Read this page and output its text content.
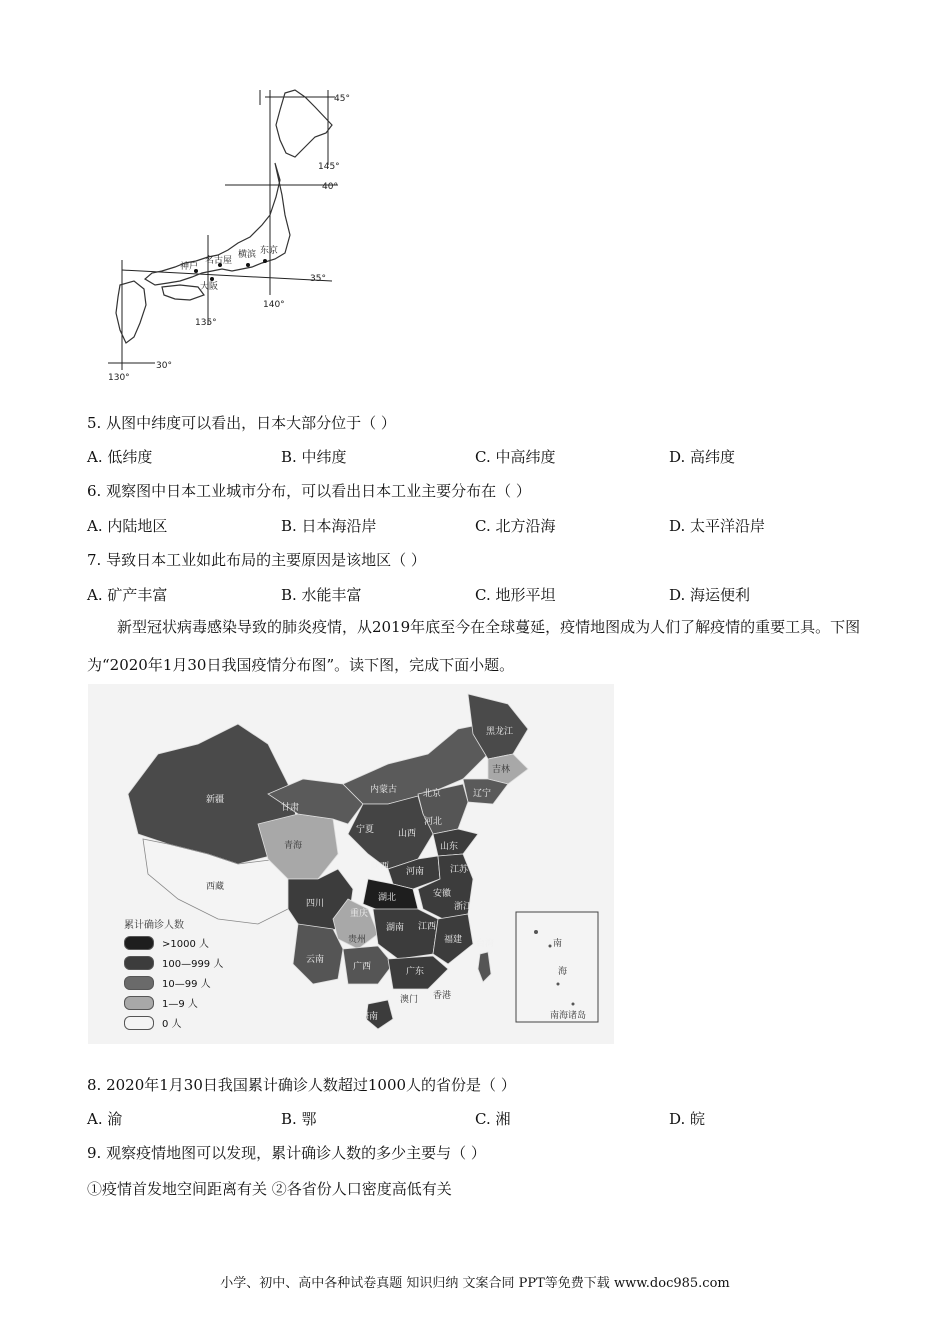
45°
145°
40°
35°
140°
135°
30°
130°
名古屋
横滨 东京
神户
大阪
5. 从图中纬度可以看出，日本大部分位于（ ）
A. 低纬度	B. 中纬度	C. 中高纬度	D. 高纬度
6. 观察图中日本工业城市分布，可以看出日本工业主要分布在（ ）
A. 内陆地区	B. 日本海沿岸	C. 北方沿海	D. 太平洋沿岸
7. 导致日本工业如此布局的主要原因是该地区（ ）
A. 矿产丰富	B. 水能丰富	C. 地形平坦	D. 海运便利
新型冠状病毒感染导致的肺炎疫情，从2019年底至今在全球蔓延，疫情地图成为人们了解疫情的重要工具。下图为“2020年1月30日我国疫情分布图”。读下图，完成下面小题。
黑龙江
吉林
辽宁
内蒙古	北京
新疆
甘肃
宁夏	山西
河北
山东
青海
西藏
陕西 河南	江苏
安徽
四川
湖北
重庆
浙江
贵州
湖南 江西
福建
云南
广西	广东
台湾
香港
澳门
海南	南海诸岛
南
海
累计确诊人数
>1000 人
100—999 人
10—99 人
1—9 人
0 人
8. 2020年1月30日我国累计确诊人数超过1000人的省份是（ ）
A. 渝	B. 鄂	C. 湘	D. 皖
9. 观察疫情地图可以发现，累计确诊人数的多少主要与（ ）
①疫情首发地空间距离有关 ②各省份人口密度高低有关
小学、初中、高中各种试卷真题 知识归纳 文案合同 PPT等免费下载 www.doc985.com
